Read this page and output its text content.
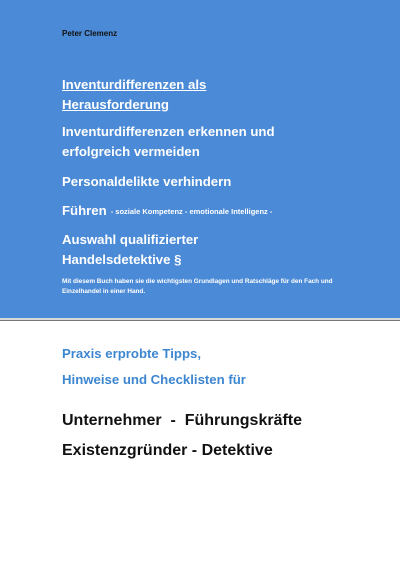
Peter Clemenz
Inventurdifferenzen als Herausforderung
Inventurdifferenzen erkennen und erfolgreich vermeiden
Personaldelikte verhindern
Führen - soziale Kompetenz - emotionale Intelligenz -
Auswahl qualifizierter Handelsdetektive §

Mit diesem Buch haben sie die wichtigsten Grundlagen und Ratschläge für den Fach und Einzelhandel in einer Hand.

Praxis erprobte Tipps,

Hinweise und Checklisten für

Unternehmer  -  Führungskräfte

Existenzgründer - Detektive
